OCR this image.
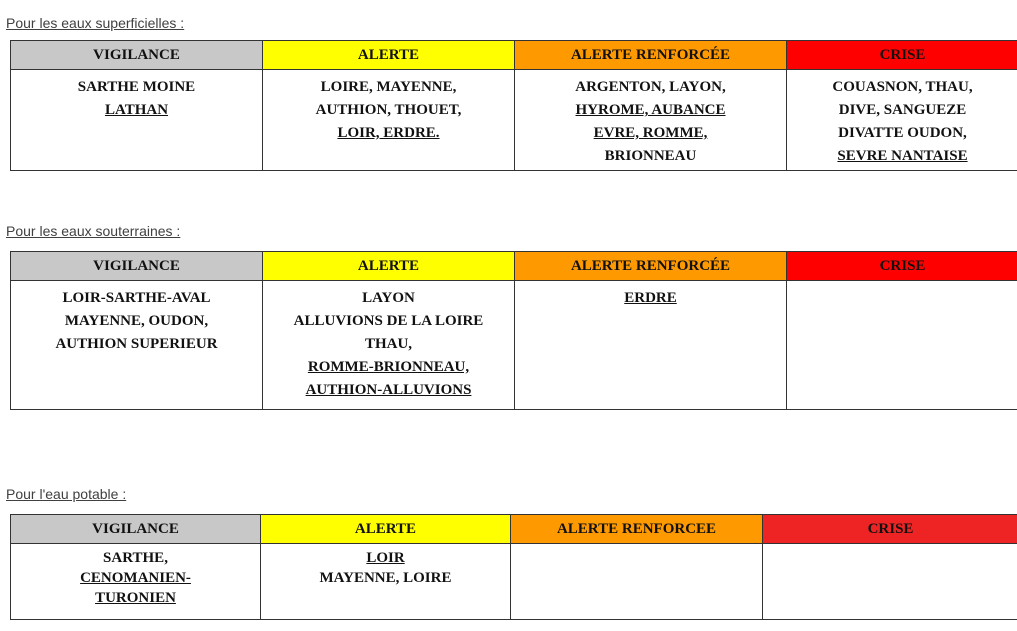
Pour les eaux superficielles :
VIGILANCE	ALERTE	ALERTE RENFORCÉE	CRISE

SARTHE MOINE
LATHAN	LOIRE, MAYENNE,
AUTHION, THOUET,
LOIR, ERDRE.	ARGENTON, LAYON,
HYROME, AUBANCE
EVRE, ROMME,
BRIONNEAU	COUASNON, THAU,
DIVE, SANGUEZE
DIVATTE OUDON,
SEVRE NANTAISE
Pour les eaux souterraines :
VIGILANCE	ALERTE	ALERTE RENFORCÉE	CRISE

LOIR-SARTHE-AVAL
MAYENNE, OUDON,
AUTHION SUPERIEUR	LAYON
ALLUVIONS DE LA LOIRE
THAU,
ROMME-BRIONNEAU,
AUTHION-ALLUVIONS	ERDRE	

Pour l'eau potable :
VIGILANCE	ALERTE	ALERTE RENFORCEE	CRISE

SARTHE,
CENOMANIEN-
TURONIEN	LOIR
MAYENNE, LOIRE		
